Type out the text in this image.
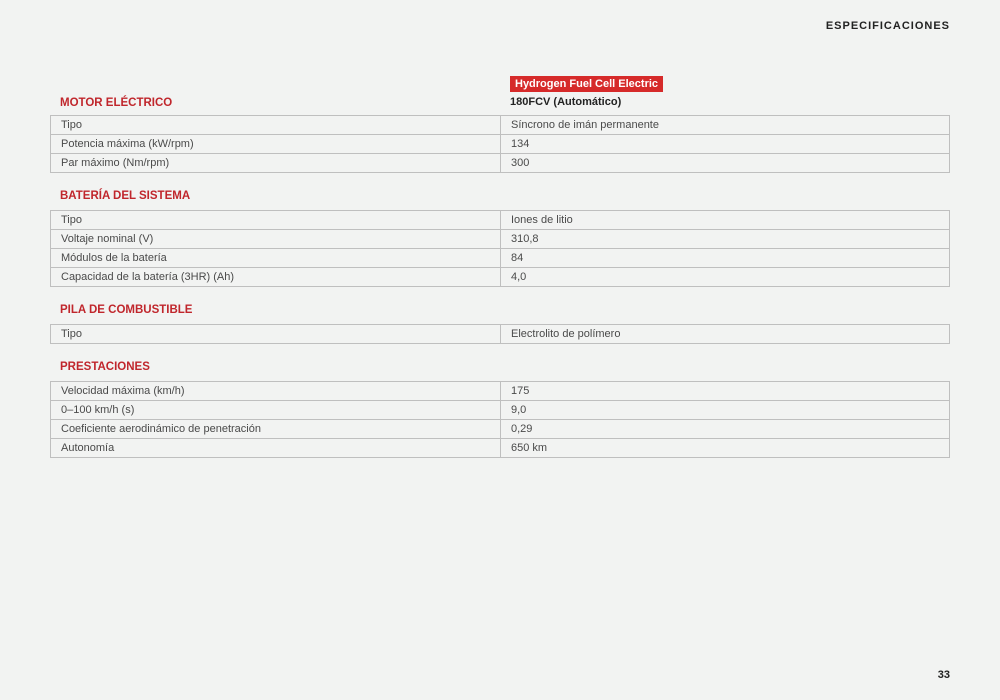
ESPECIFICACIONES
Hydrogen Fuel Cell Electric
180FCV (Automático)
MOTOR ELÉCTRICO
Tipo	Síncrono de imán permanente
Potencia máxima (kW/rpm)	134
Par máximo (Nm/rpm)	300
BATERÍA DEL SISTEMA
Tipo	Iones de litio
Voltaje nominal (V)	310,8
Módulos de la batería	84
Capacidad de la batería (3HR) (Ah)	4,0
PILA DE COMBUSTIBLE
Tipo	Electrolito de polímero
PRESTACIONES
Velocidad máxima (km/h)	175
0–100 km/h (s)	9,0
Coeficiente aerodinámico de penetración	0,29
Autonomía	650 km
33
